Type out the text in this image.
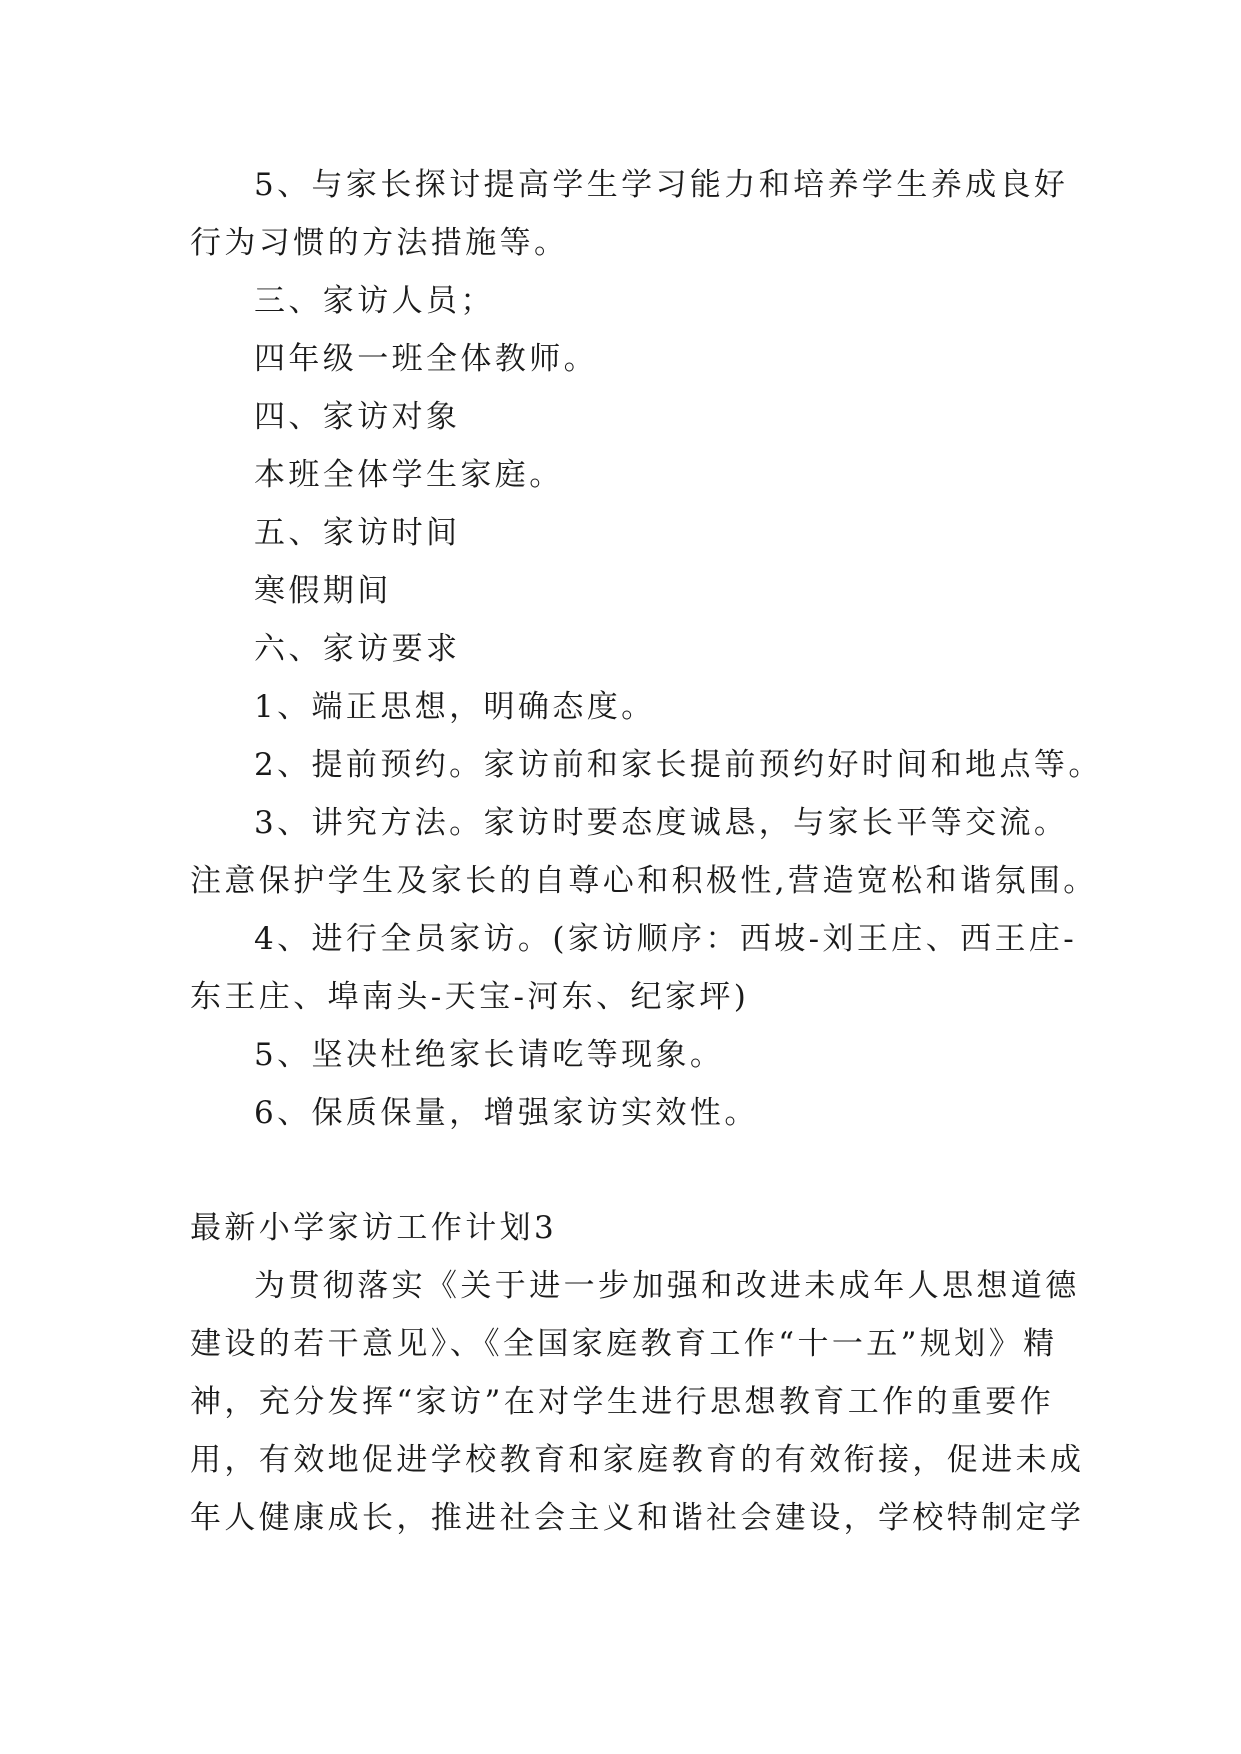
5、与家长探讨提高学生学习能力和培养学生养成良好
行为习惯的方法措施等。
三、家访人员；
四年级一班全体教师。
四、家访对象
本班全体学生家庭。
五、家访时间
寒假期间
六、家访要求
1、端正思想，明确态度。
2、提前预约。家访前和家长提前预约好时间和地点等。
3、讲究方法。家访时要态度诚恳，与家长平等交流。
注意保护学生及家长的自尊心和积极性,营造宽松和谐氛围。
4、进行全员家访。(家访顺序：西坡-刘王庄、西王庄-
东王庄、埠南头-天宝-河东、纪家坪)
5、坚决杜绝家长请吃等现象。
6、保质保量，增强家访实效性。
最新小学家访工作计划3
为贯彻落实《关于进一步加强和改进未成年人思想道德
建设的若干意见》、《全国家庭教育工作“十一五”规划》精
神，充分发挥“家访”在对学生进行思想教育工作的重要作
用，有效地促进学校教育和家庭教育的有效衔接，促进未成
年人健康成长，推进社会主义和谐社会建设，学校特制定学
